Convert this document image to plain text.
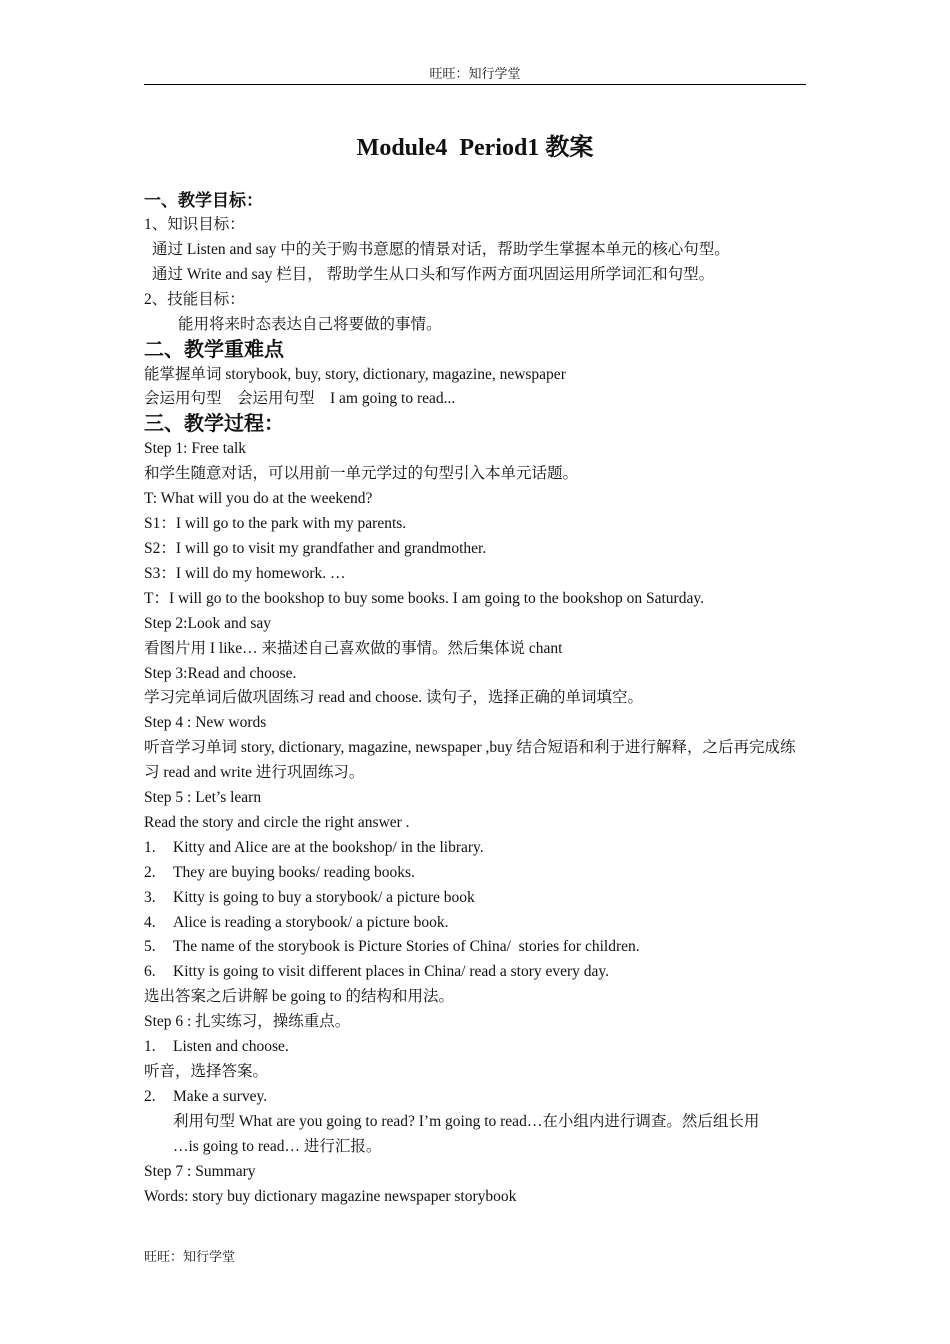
旺旺：知行学堂
Module4  Period1 教案
一、教学目标：
1、知识目标：
通过 Listen and say 中的关于购书意愿的情景对话，帮助学生掌握本单元的核心句型。
通过 Write and say 栏目， 帮助学生从口头和写作两方面巩固运用所学词汇和句型。
2、技能目标：
能用将来时态表达自己将要做的事情。
二、教学重难点
能掌握单词 storybook, buy, story, dictionary, magazine, newspaper
会运用句型    会运用句型    I am going to read...
三、教学过程：
Step 1: Free talk
和学生随意对话，可以用前一单元学过的句型引入本单元话题。
T: What will you do at the weekend?
S1：I will go to the park with my parents.
S2：I will go to visit my grandfather and grandmother.
S3：I will do my homework. …
T：I will go to the bookshop to buy some books. I am going to the bookshop on Saturday.
Step 2:Look and say
看图片用 I like… 来描述自己喜欢做的事情。然后集体说 chant
Step 3:Read and choose.
学习完单词后做巩固练习 read and choose. 读句子，选择正确的单词填空。
Step 4 : New words
听音学习单词 story, dictionary, magazine, newspaper ,buy 结合短语和利于进行解释，之后再完成练习 read and write 进行巩固练习。
Step 5 : Let’s learn
Read the story and circle the right answer .
1.	Kitty and Alice are at the bookshop/ in the library.
2.	They are buying books/ reading books.
3.	Kitty is going to buy a storybook/ a picture book
4.	Alice is reading a storybook/ a picture book.
5.	The name of the storybook is Picture Stories of China/  stories for children.
6.	Kitty is going to visit different places in China/ read a story every day.
选出答案之后讲解 be going to 的结构和用法。
Step 6 : 扎实练习，操练重点。
1.	Listen and choose.
听音，选择答案。
2.	Make a survey.
利用句型 What are you going to read? I’m going to read…在小组内进行调查。然后组长用
…is going to read… 进行汇报。
Step 7 : Summary
Words: story buy dictionary magazine newspaper storybook
旺旺：知行学堂
